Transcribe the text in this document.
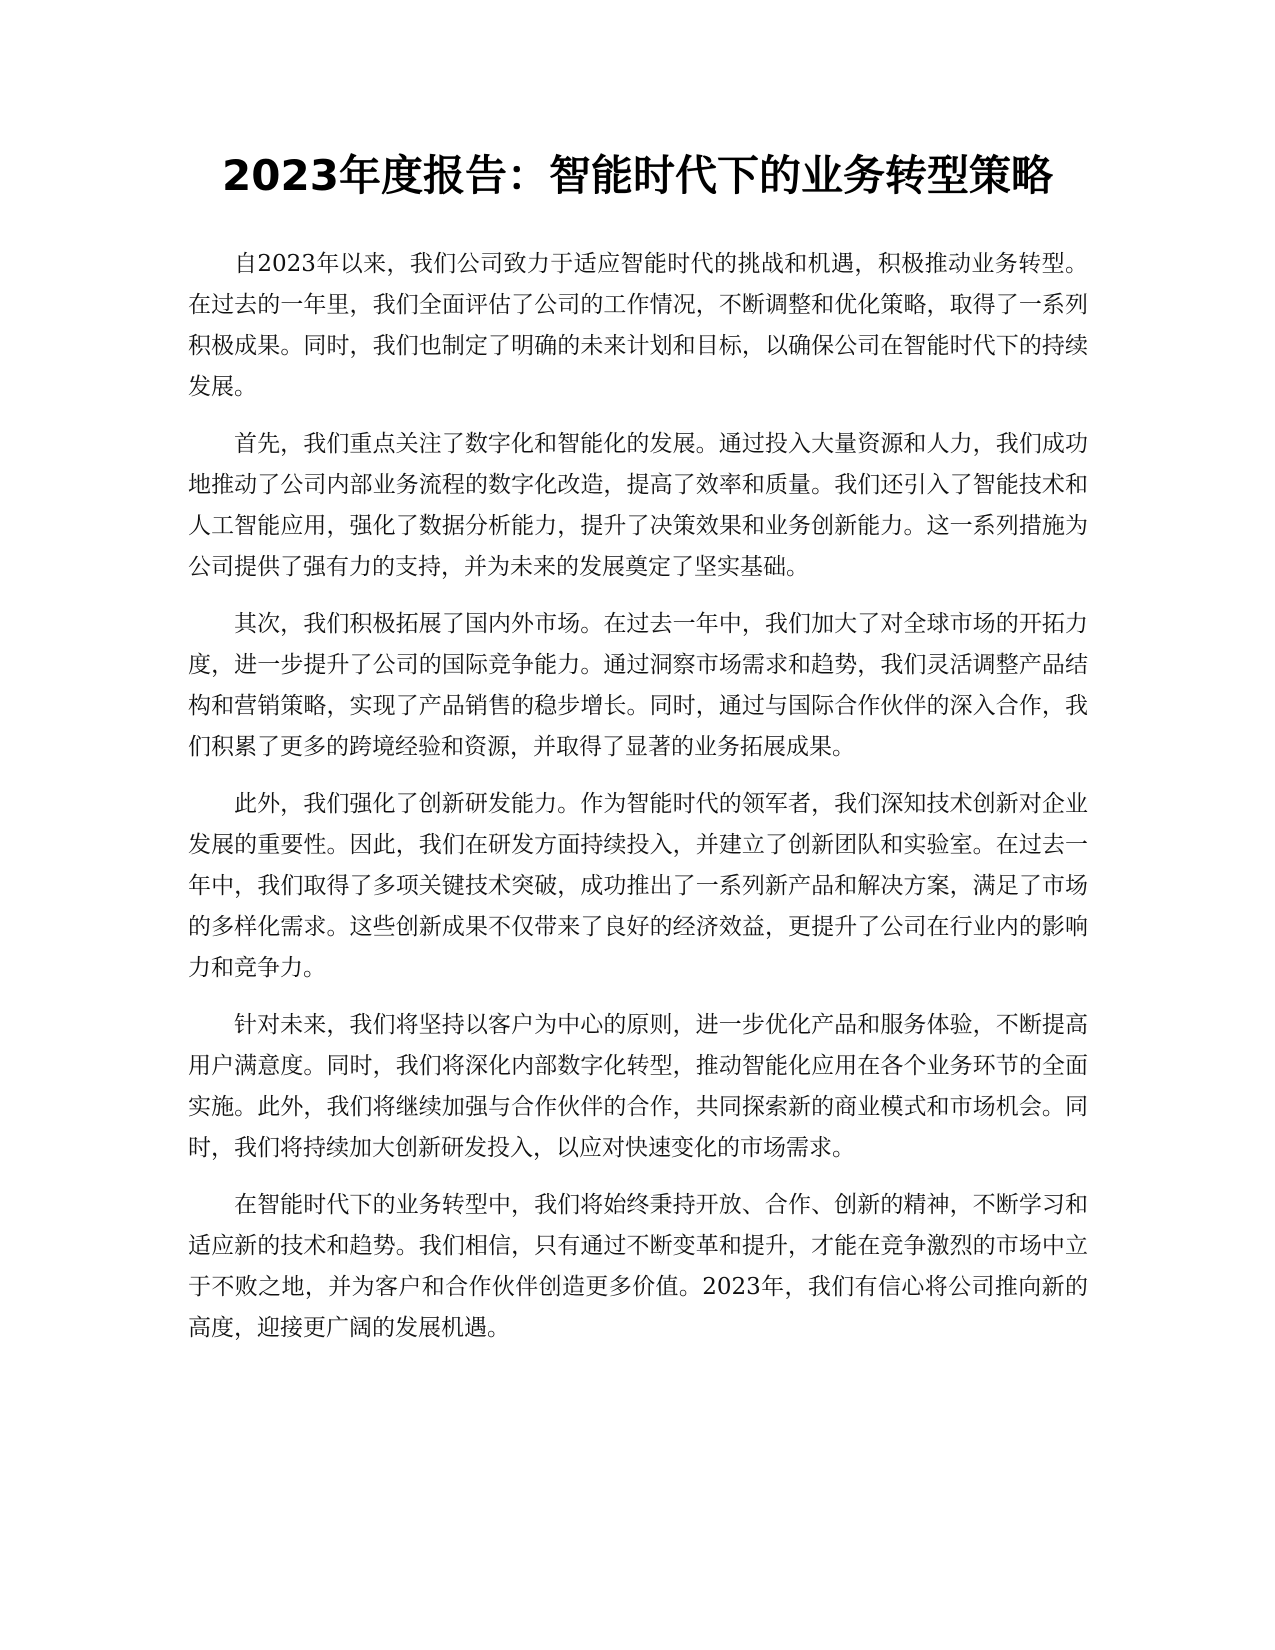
2023年度报告：智能时代下的业务转型策略

自2023年以来，我们公司致力于适应智能时代的挑战和机遇，积极推动业务转型。在过去的一年里，我们全面评估了公司的工作情况，不断调整和优化策略，取得了一系列积极成果。同时，我们也制定了明确的未来计划和目标，以确保公司在智能时代下的持续发展。

首先，我们重点关注了数字化和智能化的发展。通过投入大量资源和人力，我们成功地推动了公司内部业务流程的数字化改造，提高了效率和质量。我们还引入了智能技术和人工智能应用，强化了数据分析能力，提升了决策效果和业务创新能力。这一系列措施为公司提供了强有力的支持，并为未来的发展奠定了坚实基础。

其次，我们积极拓展了国内外市场。在过去一年中，我们加大了对全球市场的开拓力度，进一步提升了公司的国际竞争能力。通过洞察市场需求和趋势，我们灵活调整产品结构和营销策略，实现了产品销售的稳步增长。同时，通过与国际合作伙伴的深入合作，我们积累了更多的跨境经验和资源，并取得了显著的业务拓展成果。

此外，我们强化了创新研发能力。作为智能时代的领军者，我们深知技术创新对企业发展的重要性。因此，我们在研发方面持续投入，并建立了创新团队和实验室。在过去一年中，我们取得了多项关键技术突破，成功推出了一系列新产品和解决方案，满足了市场的多样化需求。这些创新成果不仅带来了良好的经济效益，更提升了公司在行业内的影响力和竞争力。

针对未来，我们将坚持以客户为中心的原则，进一步优化产品和服务体验，不断提高用户满意度。同时，我们将深化内部数字化转型，推动智能化应用在各个业务环节的全面实施。此外，我们将继续加强与合作伙伴的合作，共同探索新的商业模式和市场机会。同时，我们将持续加大创新研发投入，以应对快速变化的市场需求。

在智能时代下的业务转型中，我们将始终秉持开放、合作、创新的精神，不断学习和适应新的技术和趋势。我们相信，只有通过不断变革和提升，才能在竞争激烈的市场中立于不败之地，并为客户和合作伙伴创造更多价值。2023年，我们有信心将公司推向新的高度，迎接更广阔的发展机遇。
